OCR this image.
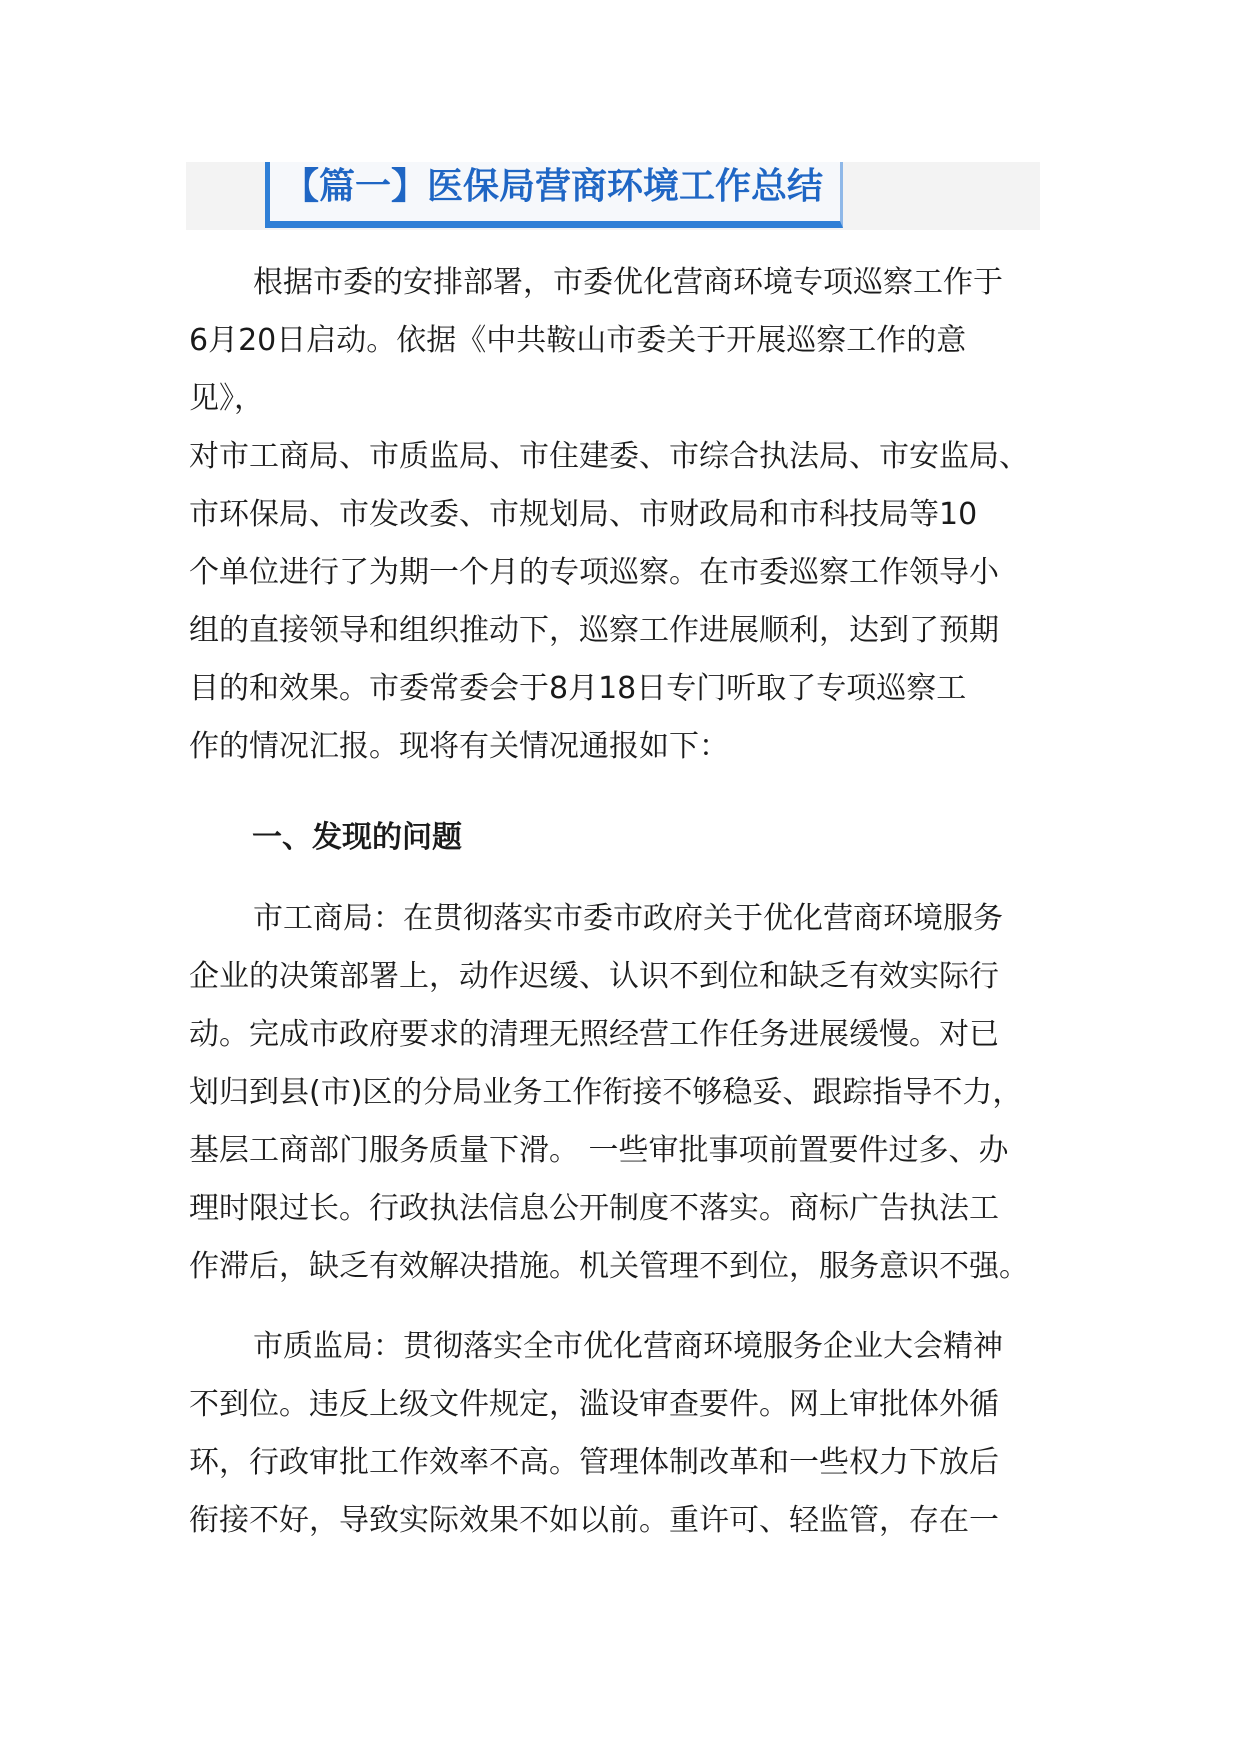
【篇一】医保局营商环境工作总结
根据市委的安排部署，市委优化营商环境专项巡察工作于
6月20日启动。依据《中共鞍山市委关于开展巡察工作的意
见》，
对市工商局、市质监局、市住建委、市综合执法局、市安监局、
市环保局、市发改委、市规划局、市财政局和市科技局等10
个单位进行了为期一个月的专项巡察。在市委巡察工作领导小
组的直接领导和组织推动下，巡察工作进展顺利，达到了预期
目的和效果。市委常委会于8月18日专门听取了专项巡察工
作的情况汇报。现将有关情况通报如下：
一、发现的问题
市工商局：在贯彻落实市委市政府关于优化营商环境服务
企业的决策部署上，动作迟缓、认识不到位和缺乏有效实际行
动。完成市政府要求的清理无照经营工作任务进展缓慢。对已
划归到县(市)区的分局业务工作衔接不够稳妥、跟踪指导不力，
基层工商部门服务质量下滑。 一些审批事项前置要件过多、办
理时限过长。行政执法信息公开制度不落实。商标广告执法工
作滞后，缺乏有效解决措施。机关管理不到位，服务意识不强。
市质监局：贯彻落实全市优化营商环境服务企业大会精神
不到位。违反上级文件规定，滥设审查要件。网上审批体外循
环，行政审批工作效率不高。管理体制改革和一些权力下放后
衔接不好，导致实际效果不如以前。重许可、轻监管，存在一
